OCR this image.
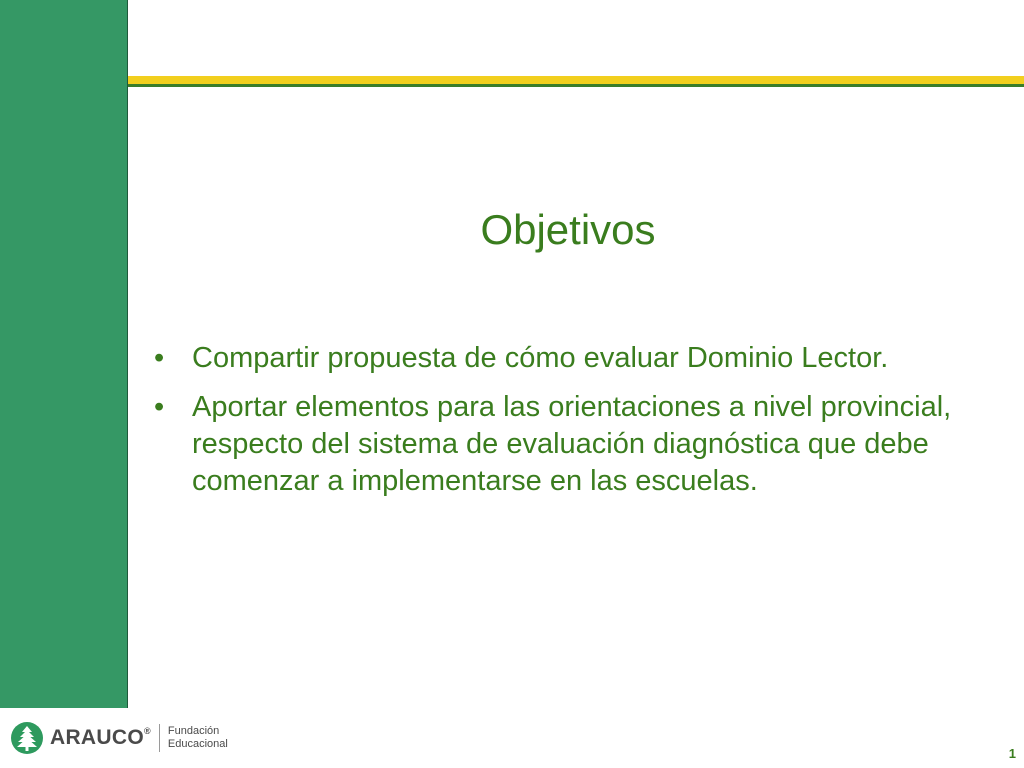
Objetivos
• Compartir propuesta de cómo evaluar Dominio Lector.
• Aportar elementos para las orientaciones a nivel provincial, respecto del sistema de evaluación diagnóstica que debe comenzar a implementarse en las escuelas.
ARAUCO® Fundación
Educacional
1
